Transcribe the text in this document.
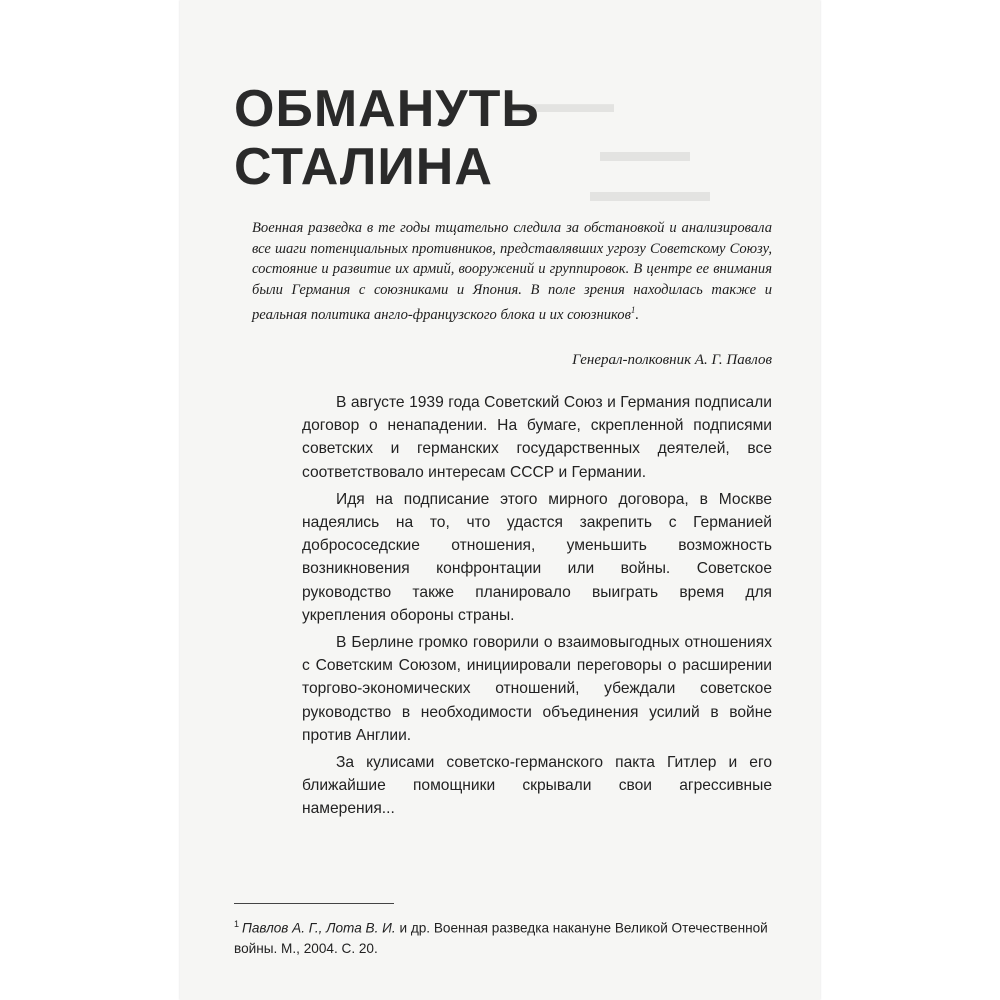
▬▬▬▬
▬▬▬
▬▬▬▬
ОБМАНУТЬ
СТАЛИНА

Военная разведка в те годы тщательно следила за обстановкой и анализировала все шаги потенциальных противников, представлявших угрозу Советскому Союзу, состояние и развитие их армий, вооружений и группировок. В центре ее внимания были Германия с союзниками и Япония. В поле зрения находилась также и реальная политика англо-французского блока и их союзников$^1$.

Генерал-полковник А. Г. Павлов

В августе 1939 года Советский Союз и Германия подписали договор о ненападении. На бумаге, скрепленной подписями советских и германских государственных деятелей, все соответствовало интересам СССР и Германии.

Идя на подписание этого мирного договора, в Москве надеялись на то, что удастся закрепить с Германией добрососедские отношения, уменьшить возможность возникновения конфронтации или войны. Советское руководство также планировало выиграть время для укрепления обороны страны.

В Берлине громко говорили о взаимовыгодных отношениях с Советским Союзом, инициировали переговоры о расширении торгово-экономических отношений, убеждали советское руководство в необходимости объединения усилий в войне против Англии.

За кулисами советско-германского пакта Гитлер и его ближайшие помощники скрывали свои агрессивные намерения...

$^1$ Павлов А. Г., Лота В. И. и др. Военная разведка накануне Великой Отечественной войны. М., 2004. С. 20.
